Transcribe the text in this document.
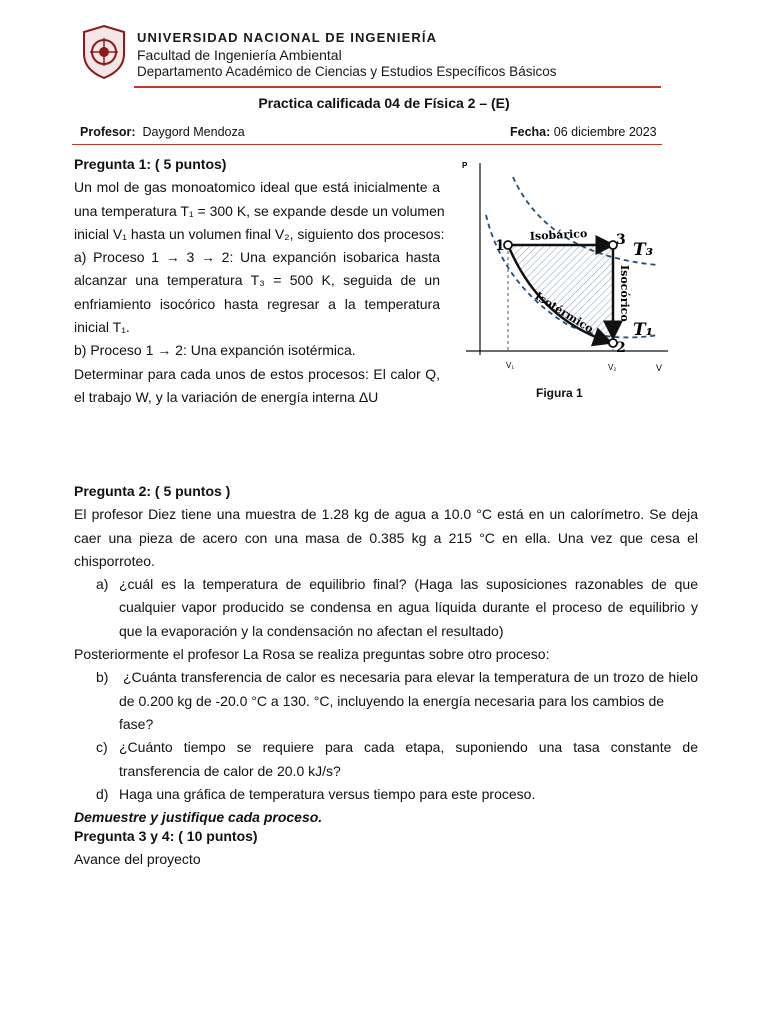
UNIVERSIDAD NACIONAL DE INGENIERÍA
Facultad de Ingeniería Ambiental
Departamento Académico de Ciencias y Estudios Específicos Básicos
Practica calificada 04 de Física 2 – (E)
Profesor: Daygord Mendoza	Fecha: 06 diciembre 2023
Pregunta 1: ( 5 puntos)
Un mol de gas monoatomico ideal que está inicialmente a
una temperatura T₁ = 300 K, se expande desde un volumen
inicial V₁ hasta un volumen final V₂, siguiento dos procesos:
a) Proceso 1 → 3 → 2: Una expanción isobarica hasta
alcanzar una temperatura T₃ = 500 K, seguida de un
enfriamiento isocórico hasta regresar a la temperatura
inicial T₁.
b) Proceso 1 → 2: Una expanción isotérmica.
Determinar para cada unos de estos procesos: El calor Q,
el trabajo W, y la variación de energía interna ΔU
P
1	3
2
T₃
T₁
Isobárico
Isocórico
Isotérmico
V₁	V₂	V
Figura 1
Pregunta 2: ( 5 puntos )
El profesor Diez tiene una muestra de 1.28 kg de agua a 10.0 °C está en un calorímetro. Se deja
caer una pieza de acero con una masa de 0.385 kg a 215 °C en ella. Una vez que cesa el
chisporroteo.
a) ¿cuál es la temperatura de equilibrio final? (Haga las suposiciones razonables de que
cualquier vapor producido se condensa en agua líquida durante el proceso de equilibrio y
que la evaporación y la condensación no afectan el resultado)
Posteriormente el profesor La Rosa se realiza preguntas sobre otro proceso:
b) ¿Cuánta transferencia de calor es necesaria para elevar la temperatura de un trozo de hielo
de 0.200 kg de -20.0 °C a 130. °C, incluyendo la energía necesaria para los cambios de fase?
c) ¿Cuánto tiempo se requiere para cada etapa, suponiendo una tasa constante de
transferencia de calor de 20.0 kJ/s?
d) Haga una gráfica de temperatura versus tiempo para este proceso.
Demuestre y justifique cada proceso.
Pregunta 3 y 4: ( 10 puntos)
Avance del proyecto
